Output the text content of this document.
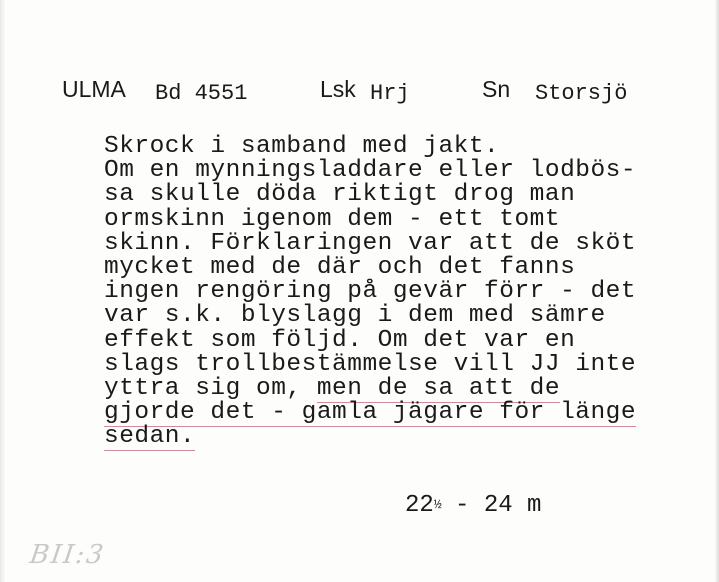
ULMA Bd 4551	Lsk Hrj	Sn Storsjö
Skrock i samband med jakt.
Om en mynningsladdare eller lodbös-
sa skulle döda riktigt drog man
ormskinn igenom dem - ett tomt
skinn. Förklaringen var att de sköt
mycket med de där och det fanns
ingen rengöring på gevär förr - det
var s.k. blyslagg i dem med sämre
effekt som följd. Om det var en
slags trollbestämmelse vill JJ inte
yttra sig om, men de sa att de
gjorde det - gamla jägare för länge
sedan.
22½ - 24 m
BII:3
